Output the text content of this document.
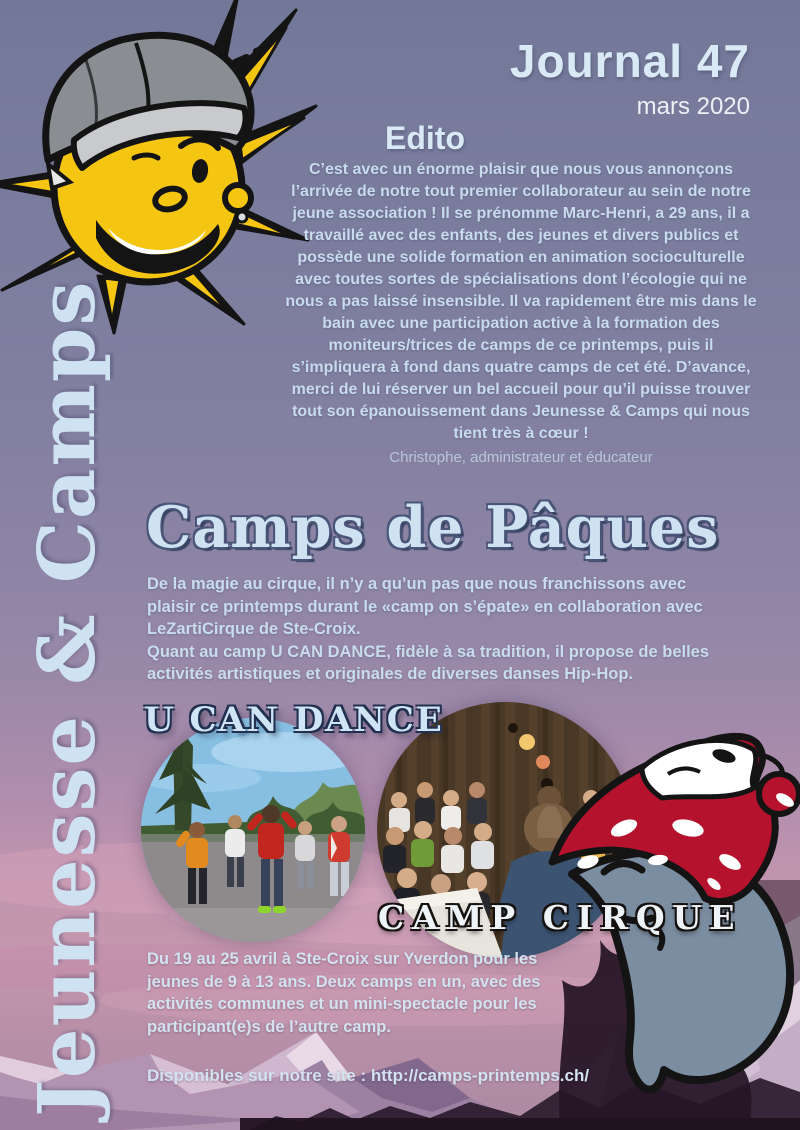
U CAN DANCE
CAMP CIRQUE
Jeunesse & Camps
Journal 47
mars 2020
Edito
C’est avec un énorme plaisir que nous vous annonçons l’arrivée de notre tout premier collaborateur au sein de notre jeune association ! Il se prénomme Marc-Henri, a 29 ans, il a travaillé avec des enfants, des jeunes et divers publics et possède une solide formation en animation socioculturelle avec toutes sortes de spécialisations dont l’écologie qui ne nous a pas laissé insensible. Il va rapidement être mis dans le bain avec une participation active à la formation des moniteurs/trices de camps de ce printemps, puis il s’impliquera à fond dans quatre camps de cet été. D’avance, merci de lui réserver un bel accueil pour qu’il puisse trouver tout son épanouissement dans Jeunesse & Camps qui nous tient très à cœur !
Christophe, administrateur et éducateur
Camps de Pâques
De la magie au cirque, il n’y a qu’un pas que nous franchissons avec plaisir ce printemps durant le «camp on s’épate» en collaboration avec LeZartiCirque de Ste-Croix.
Quant au camp U CAN DANCE, fidèle à sa tradition, il propose de belles activités artistiques et originales de diverses danses Hip-Hop.
Du 19 au 25 avril à Ste-Croix sur Yverdon pour les jeunes de 9 à 13 ans. Deux camps en un, avec des activités communes et un mini-spectacle pour les participant(e)s de l’autre camp.
Disponibles sur notre site : http://camps-printemps.ch/
